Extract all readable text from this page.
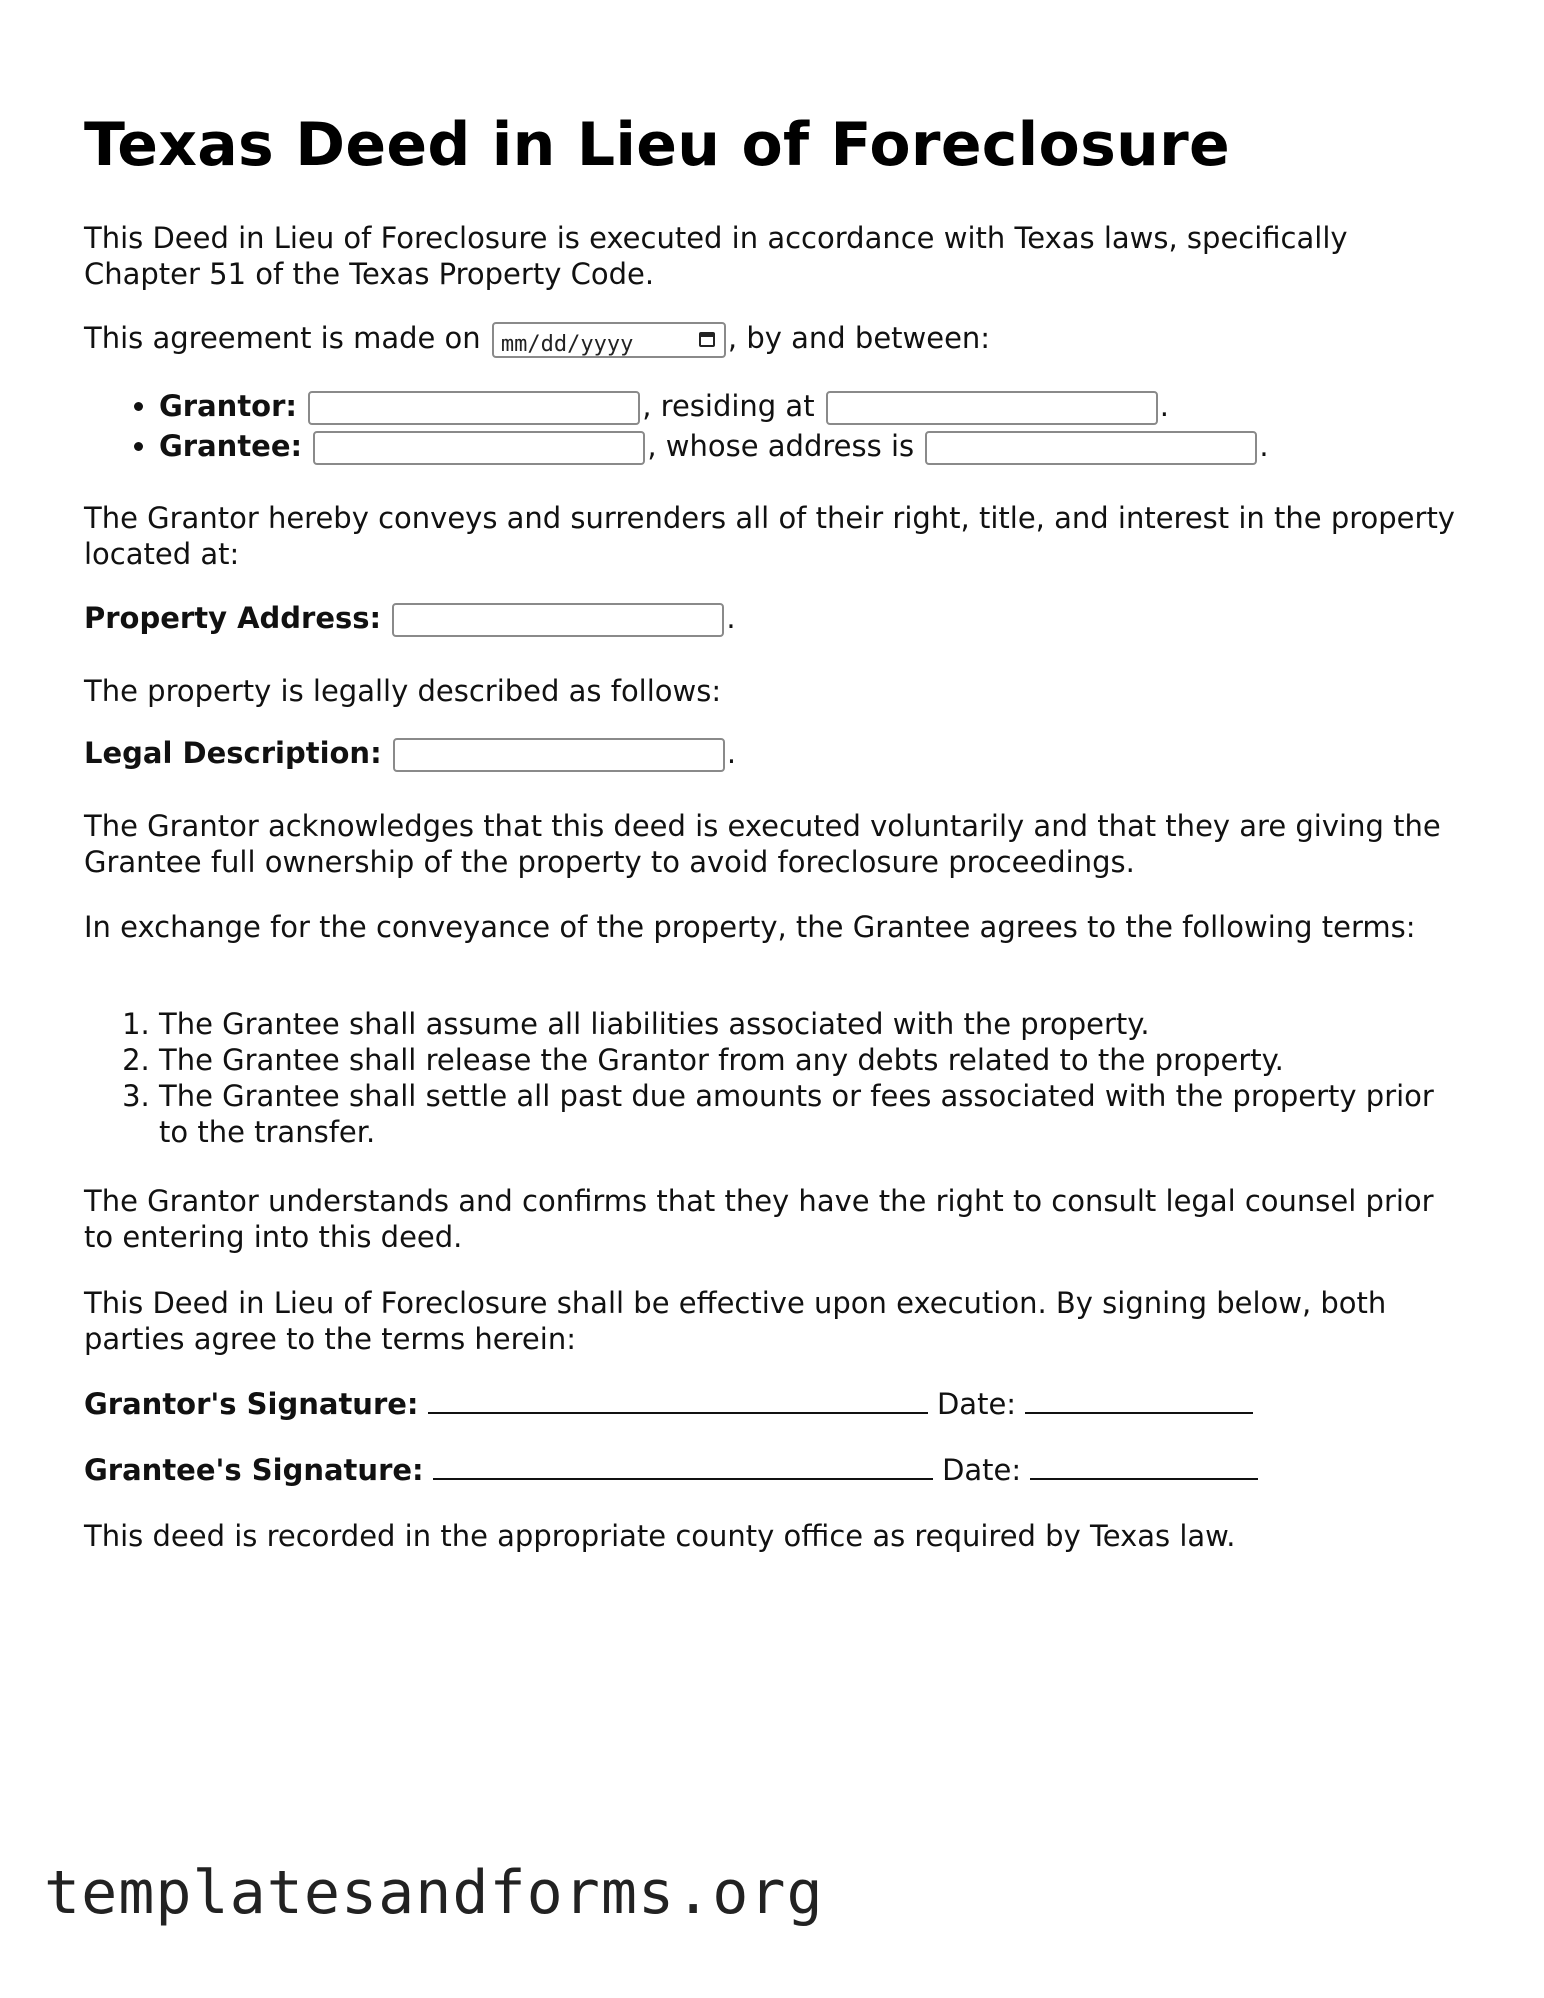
Texas Deed in Lieu of Foreclosure

This Deed in Lieu of Foreclosure is executed in accordance with Texas laws, specifically Chapter 51 of the Texas Property Code.

This agreement is made on mm/dd/yyyy	, by and between:

• Grantor:	, residing at	.
• Grantee:	, whose address is	.

The Grantor hereby conveys and surrenders all of their right, title, and interest in the property located at:

Property Address:	.

The property is legally described as follows:

Legal Description:	.

The Grantor acknowledges that this deed is executed voluntarily and that they are giving the Grantee full ownership of the property to avoid foreclosure proceedings.

In exchange for the conveyance of the property, the Grantee agrees to the following terms:

1. The Grantee shall assume all liabilities associated with the property.
2. The Grantee shall release the Grantor from any debts related to the property.
3. The Grantee shall settle all past due amounts or fees associated with the property prior to the transfer.

The Grantor understands and confirms that they have the right to consult legal counsel prior to entering into this deed.

This Deed in Lieu of Foreclosure shall be effective upon execution. By signing below, both parties agree to the terms herein:

Grantor's Signature:	Date:

Grantee's Signature:	Date:

This deed is recorded in the appropriate county office as required by Texas law.

templatesandforms.org
